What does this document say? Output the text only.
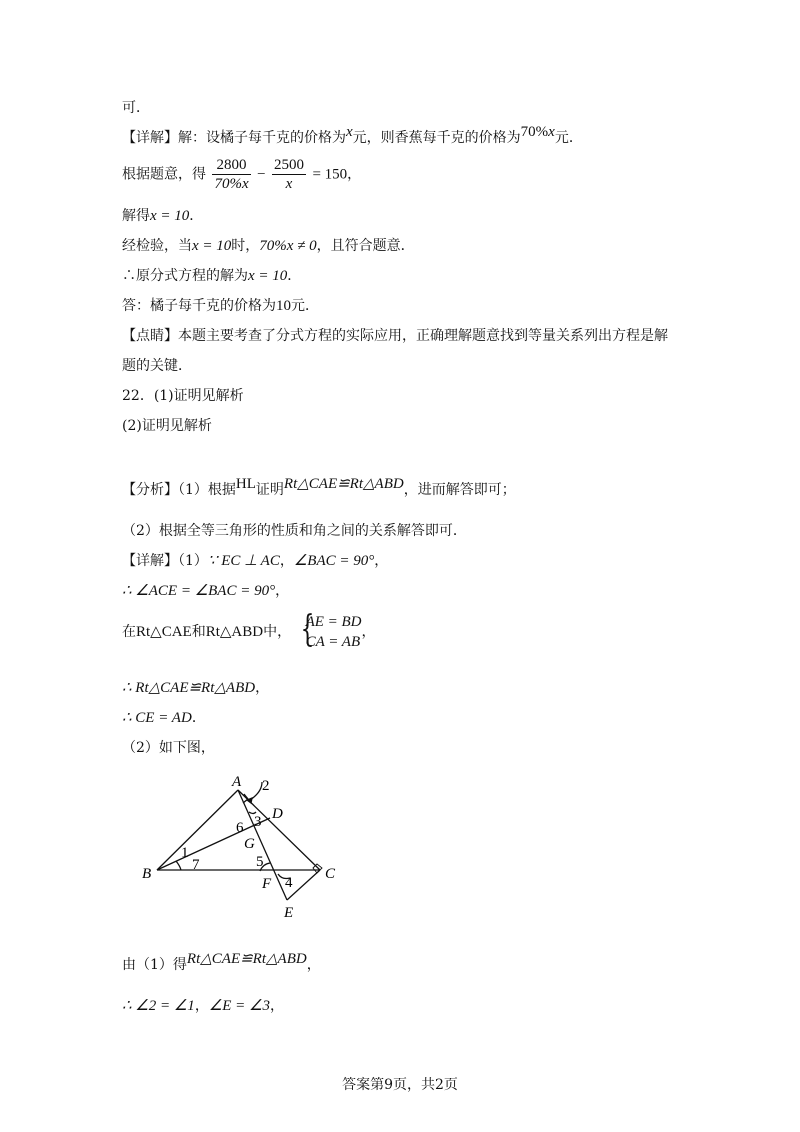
可．
【详解】解：设橘子每千克的价格为x元，则香蕉每千克的价格为70%x元．
根据题意，得 $\frac{2800}{70\%x} - \frac{2500}{x} = 150$，
解得x = 10．
经检验，当x = 10时，70%x ≠ 0，且符合题意．
∴原分式方程的解为x = 10．
答：橘子每千克的价格为10元．
【点睛】本题主要考查了分式方程的实际应用，正确理解题意找到等量关系列出方程是解
题的关键．
22．(1)证明见解析
(2)证明见解析
【分析】（1）根据HL证明Rt△CAE≌Rt△ABD，进而解答即可；
（2）根据全等三角形的性质和角之间的关系解答即可．
【详解】（1）∵ EC ⊥ AC，∠BAC = 90°，
∴ ∠ACE = ∠BAC = 90°，
在Rt△CAE和Rt△ABD中， {
AE = BD
CA = AB
，
∴ Rt△CAE≌Rt△ABD，
∴ CE = AD．
（2）如下图，
A 2
D
6 3
G
1
7	5
B	C
F 4
E
由（1）得Rt△CAE≌Rt△ABD，
∴ ∠2 = ∠1，∠E = ∠3，
答案第9页，共2页
